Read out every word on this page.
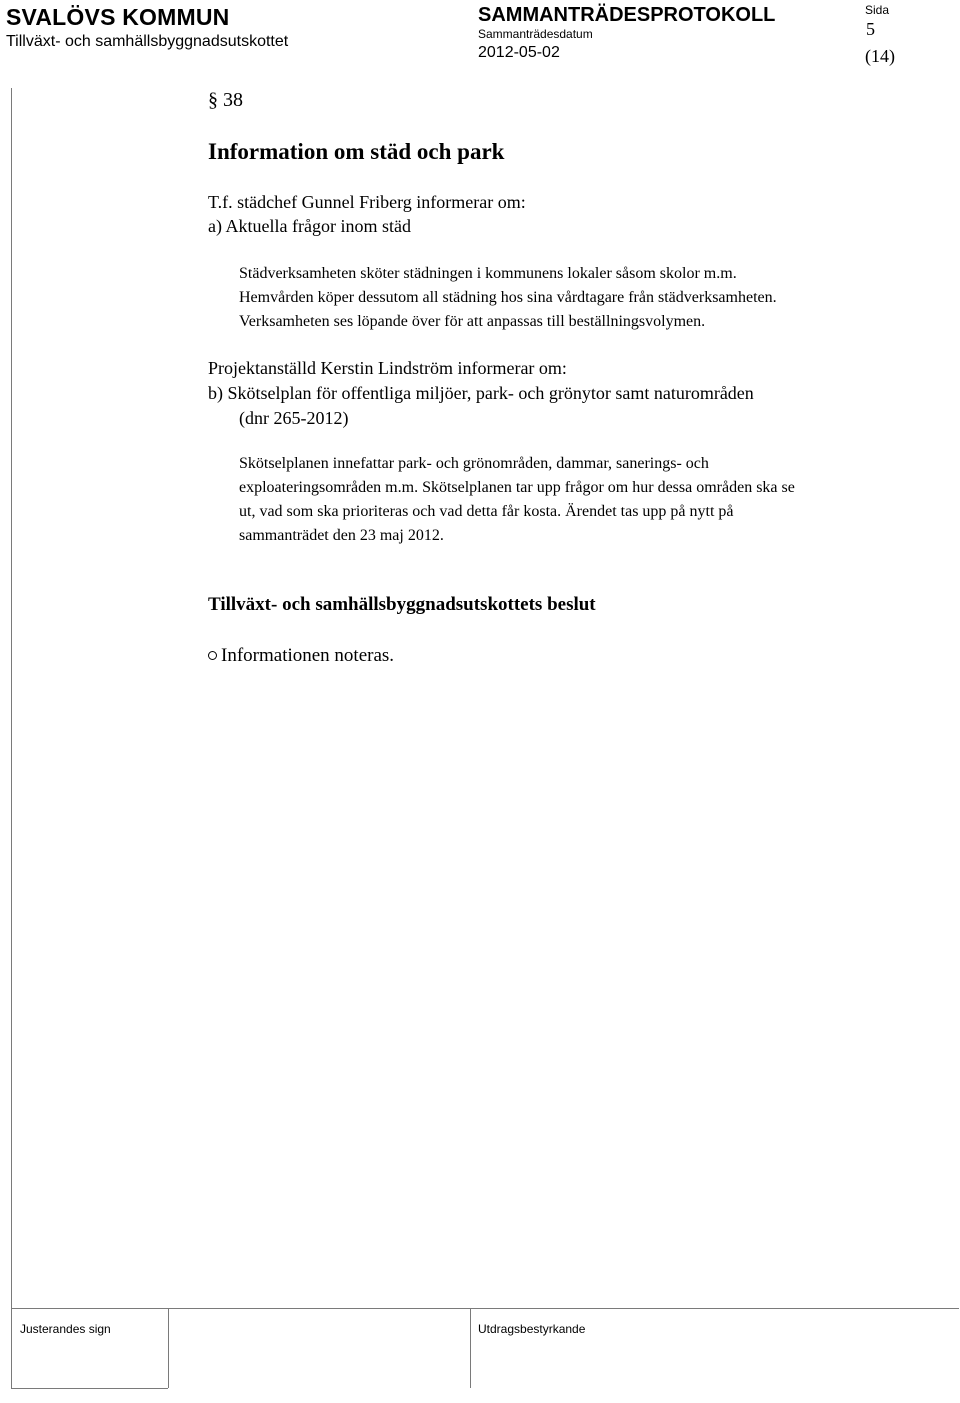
SVALÖVS KOMMUN
Tillväxt- och samhällsbyggnadsutskottet
SAMMANTRÄDESPROTOKOLL
Sammanträdesdatum
2012-05-02
Sida
5
(14)
§ 38
Information om städ och park
T.f. städchef Gunnel Friberg informerar om:
a) Aktuella frågor inom städ
Städverksamheten sköter städningen i kommunens lokaler såsom skolor m.m.
Hemvården köper dessutom all städning hos sina vårdtagare från städverksamheten.
Verksamheten ses löpande över för att anpassas till beställningsvolymen.
Projektanställd Kerstin Lindström informerar om:
b) Skötselplan för offentliga miljöer, park- och grönytor samt naturområden
(dnr 265-2012)
Skötselplanen innefattar park- och grönområden, dammar, sanerings- och
exploateringsområden m.m. Skötselplanen tar upp frågor om hur dessa områden ska se
ut, vad som ska prioriteras och vad detta får kosta. Ärendet tas upp på nytt på
sammanträdet den 23 maj 2012.
Tillväxt- och samhällsbyggnadsutskottets beslut
Informationen noteras.
Justerandes sign	Utdragsbestyrkande
